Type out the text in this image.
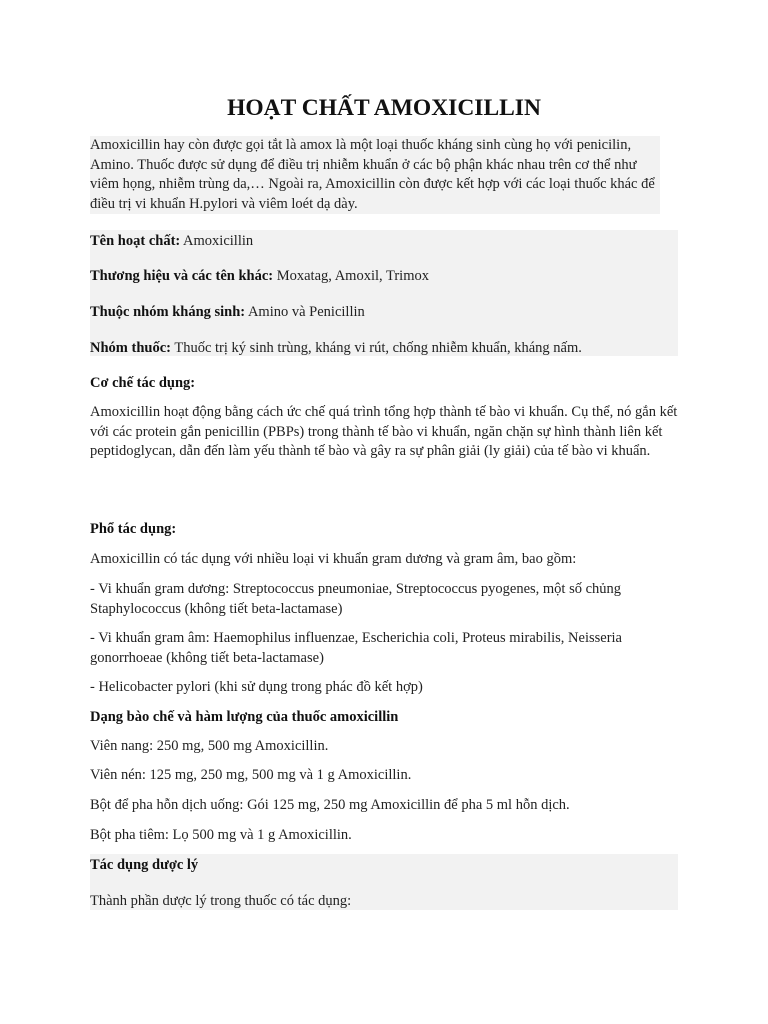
HOẠT CHẤT AMOXICILLIN

Amoxicillin hay còn được gọi tắt là amox là một loại thuốc kháng sinh cùng họ với penicilin, Amino. Thuốc được sử dụng để điều trị nhiễm khuẩn ở các bộ phận khác nhau trên cơ thể như viêm họng, nhiễm trùng da,… Ngoài ra, Amoxicillin còn được kết hợp với các loại thuốc khác để điều trị vi khuẩn H.pylori và viêm loét dạ dày.

Tên hoạt chất: Amoxicillin

Thương hiệu và các tên khác: Moxatag, Amoxil, Trimox

Thuộc nhóm kháng sinh: Amino và Penicillin

Nhóm thuốc: Thuốc trị ký sinh trùng, kháng vi rút, chống nhiễm khuẩn, kháng nấm.

Cơ chế tác dụng:

Amoxicillin hoạt động bằng cách ức chế quá trình tổng hợp thành tế bào vi khuẩn. Cụ thể, nó gắn kết với các protein gắn penicillin (PBPs) trong thành tế bào vi khuẩn, ngăn chặn sự hình thành liên kết peptidoglycan, dẫn đến làm yếu thành tế bào và gây ra sự phân giải (ly giải) của tế bào vi khuẩn.

Phổ tác dụng:

Amoxicillin có tác dụng với nhiều loại vi khuẩn gram dương và gram âm, bao gồm:

- Vi khuẩn gram dương: Streptococcus pneumoniae, Streptococcus pyogenes, một số chủng Staphylococcus (không tiết beta-lactamase)

- Vi khuẩn gram âm: Haemophilus influenzae, Escherichia coli, Proteus mirabilis, Neisseria gonorrhoeae (không tiết beta-lactamase)

- Helicobacter pylori (khi sử dụng trong phác đồ kết hợp)

Dạng bào chế và hàm lượng của thuốc amoxicillin

Viên nang: 250 mg, 500 mg Amoxicillin.

Viên nén: 125 mg, 250 mg, 500 mg và 1 g Amoxicillin.

Bột để pha hỗn dịch uống: Gói 125 mg, 250 mg Amoxicillin để pha 5 ml hỗn dịch.

Bột pha tiêm: Lọ 500 mg và 1 g Amoxicillin.

Tác dụng dược lý

Thành phần dược lý trong thuốc có tác dụng:
